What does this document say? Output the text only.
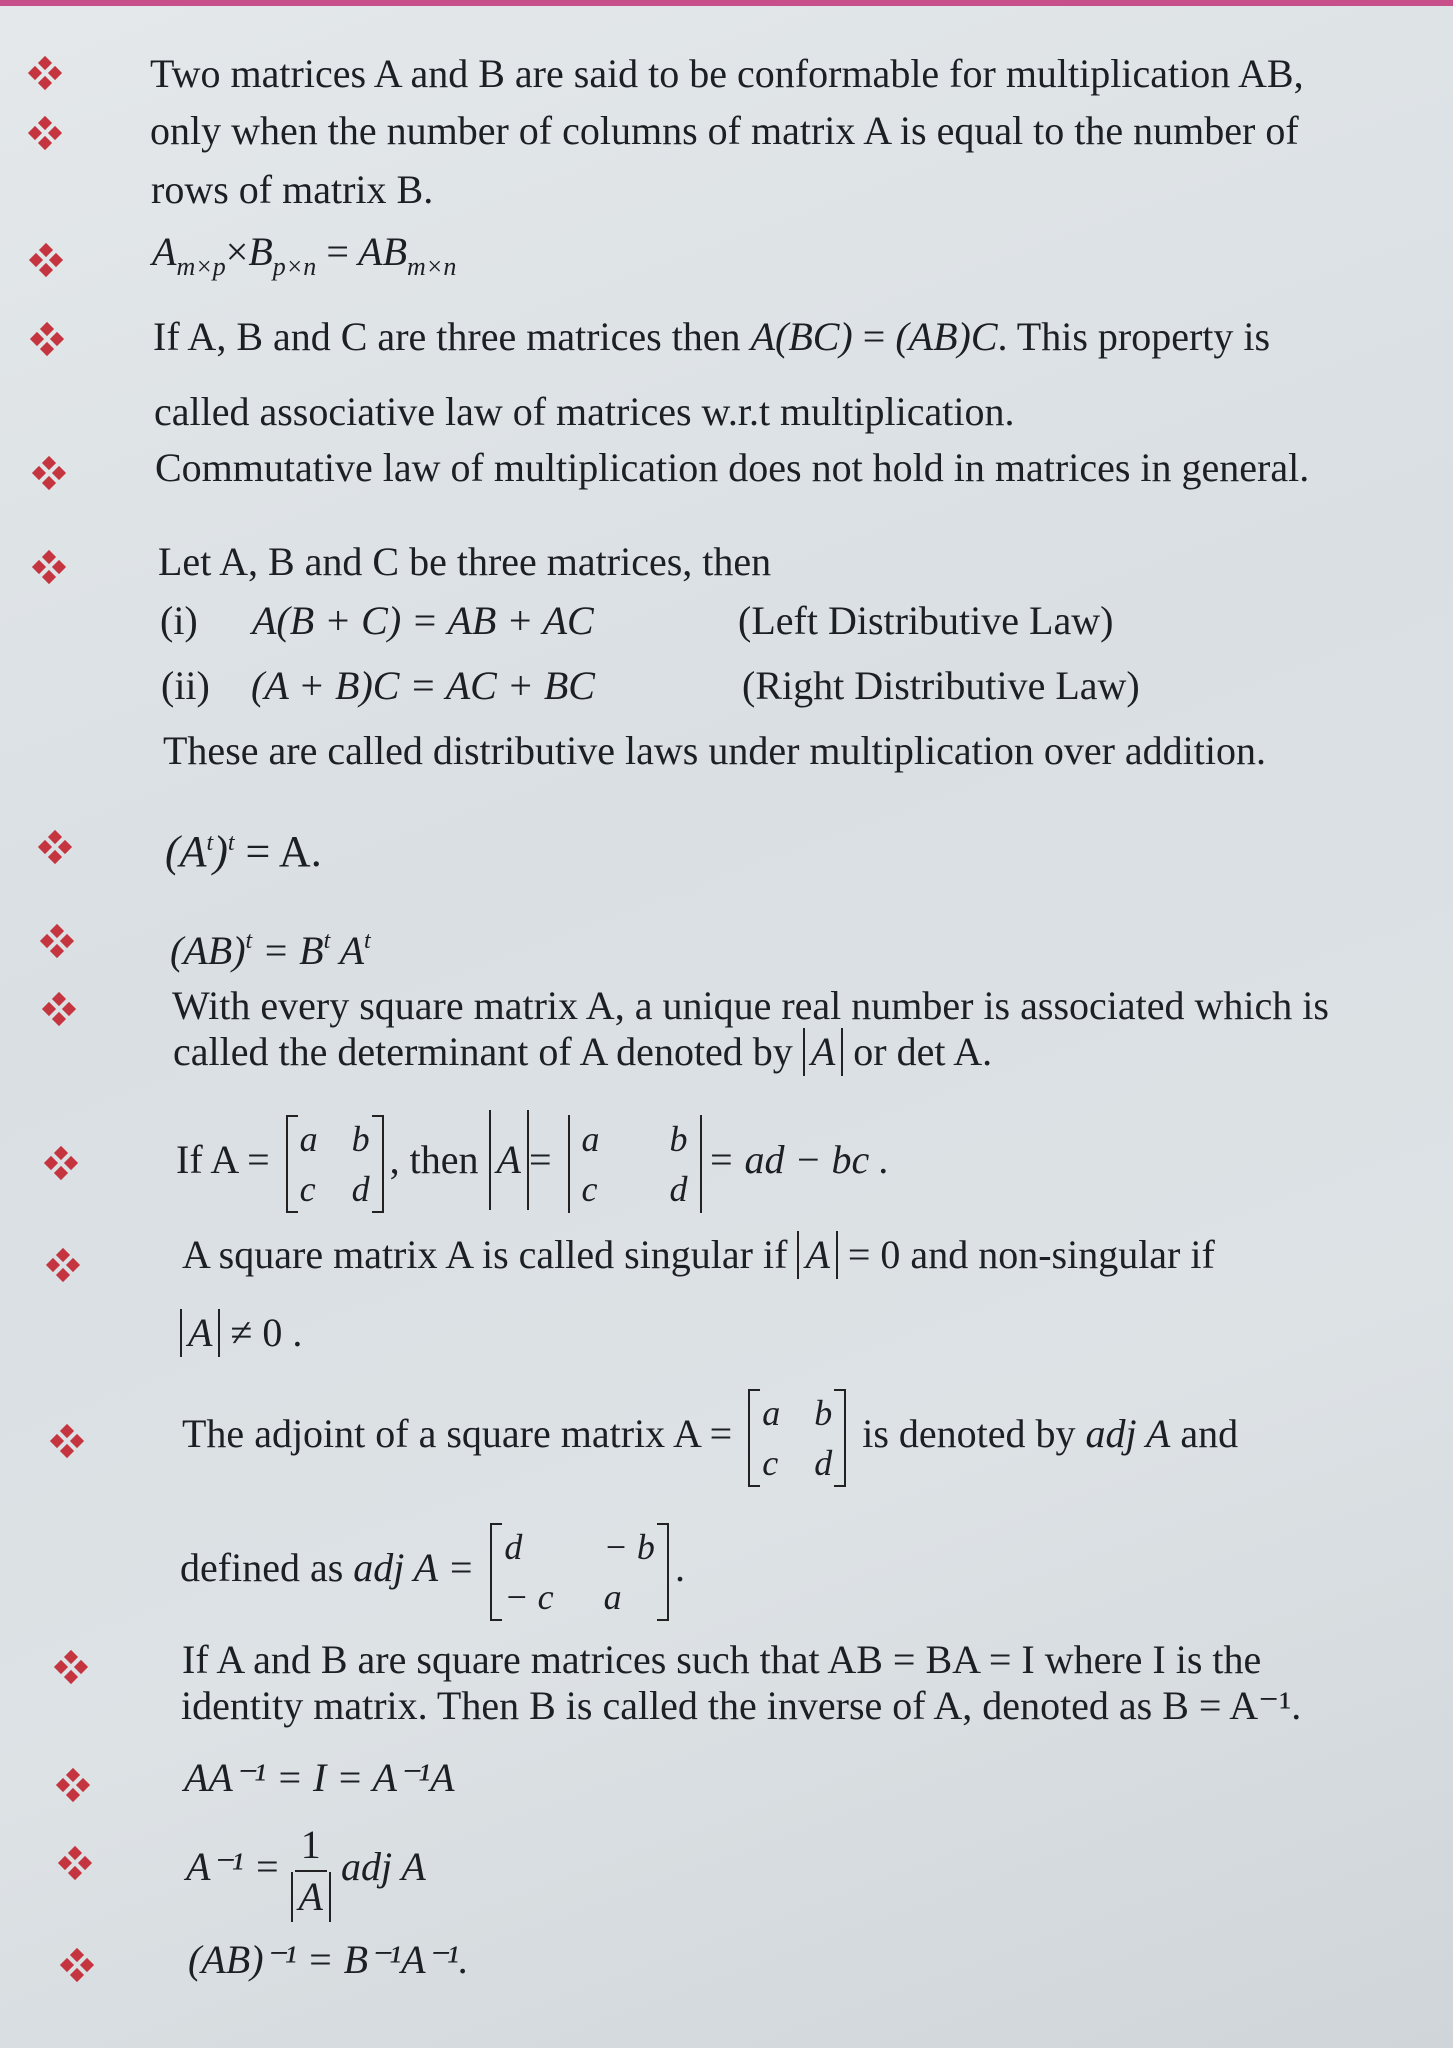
Two matrices A and B are said to be conformable for multiplication AB,
only when the number of columns of matrix A is equal to the number of
rows of matrix B.
$A_{m\times p}\times B_{p\times n} = AB_{m\times n}$
If A, B and C are three matrices then A(BC) = (AB)C. This property is
called associative law of matrices w.r.t multiplication.
Commutative law of multiplication does not hold in matrices in general.
Let A, B and C be three matrices, then
(i) A(B + C) = AB + AC	(Left Distributive Law)
(ii) (A + B)C = AC + BC	(Right Distributive Law)
These are called distributive laws under multiplication over addition.
$(A^t)^t = A$.
$(AB)^t = B^t$ $A^t$
With every square matrix A, a unique real number is associated which is
called the determinant of A denoted by A or det A.
If A = a b
c d
, then A = a b
c d
= ad − bc .
A square matrix A is called singular if A = 0 and non-singular if
A ≠ 0 .
The adjoint of a square matrix A = a b
c d
is denoted by adj A and
defined as adj A = d	− b
− c a
.
If A and B are square matrices such that AB = BA = I where I is the
identity matrix. Then B is called the inverse of A, denoted as B = A⁻¹.
AA⁻¹ = I = A⁻¹A
$A^{-1} = \frac{1}{A}$ adj A
(AB)⁻¹ = B⁻¹A⁻¹.
